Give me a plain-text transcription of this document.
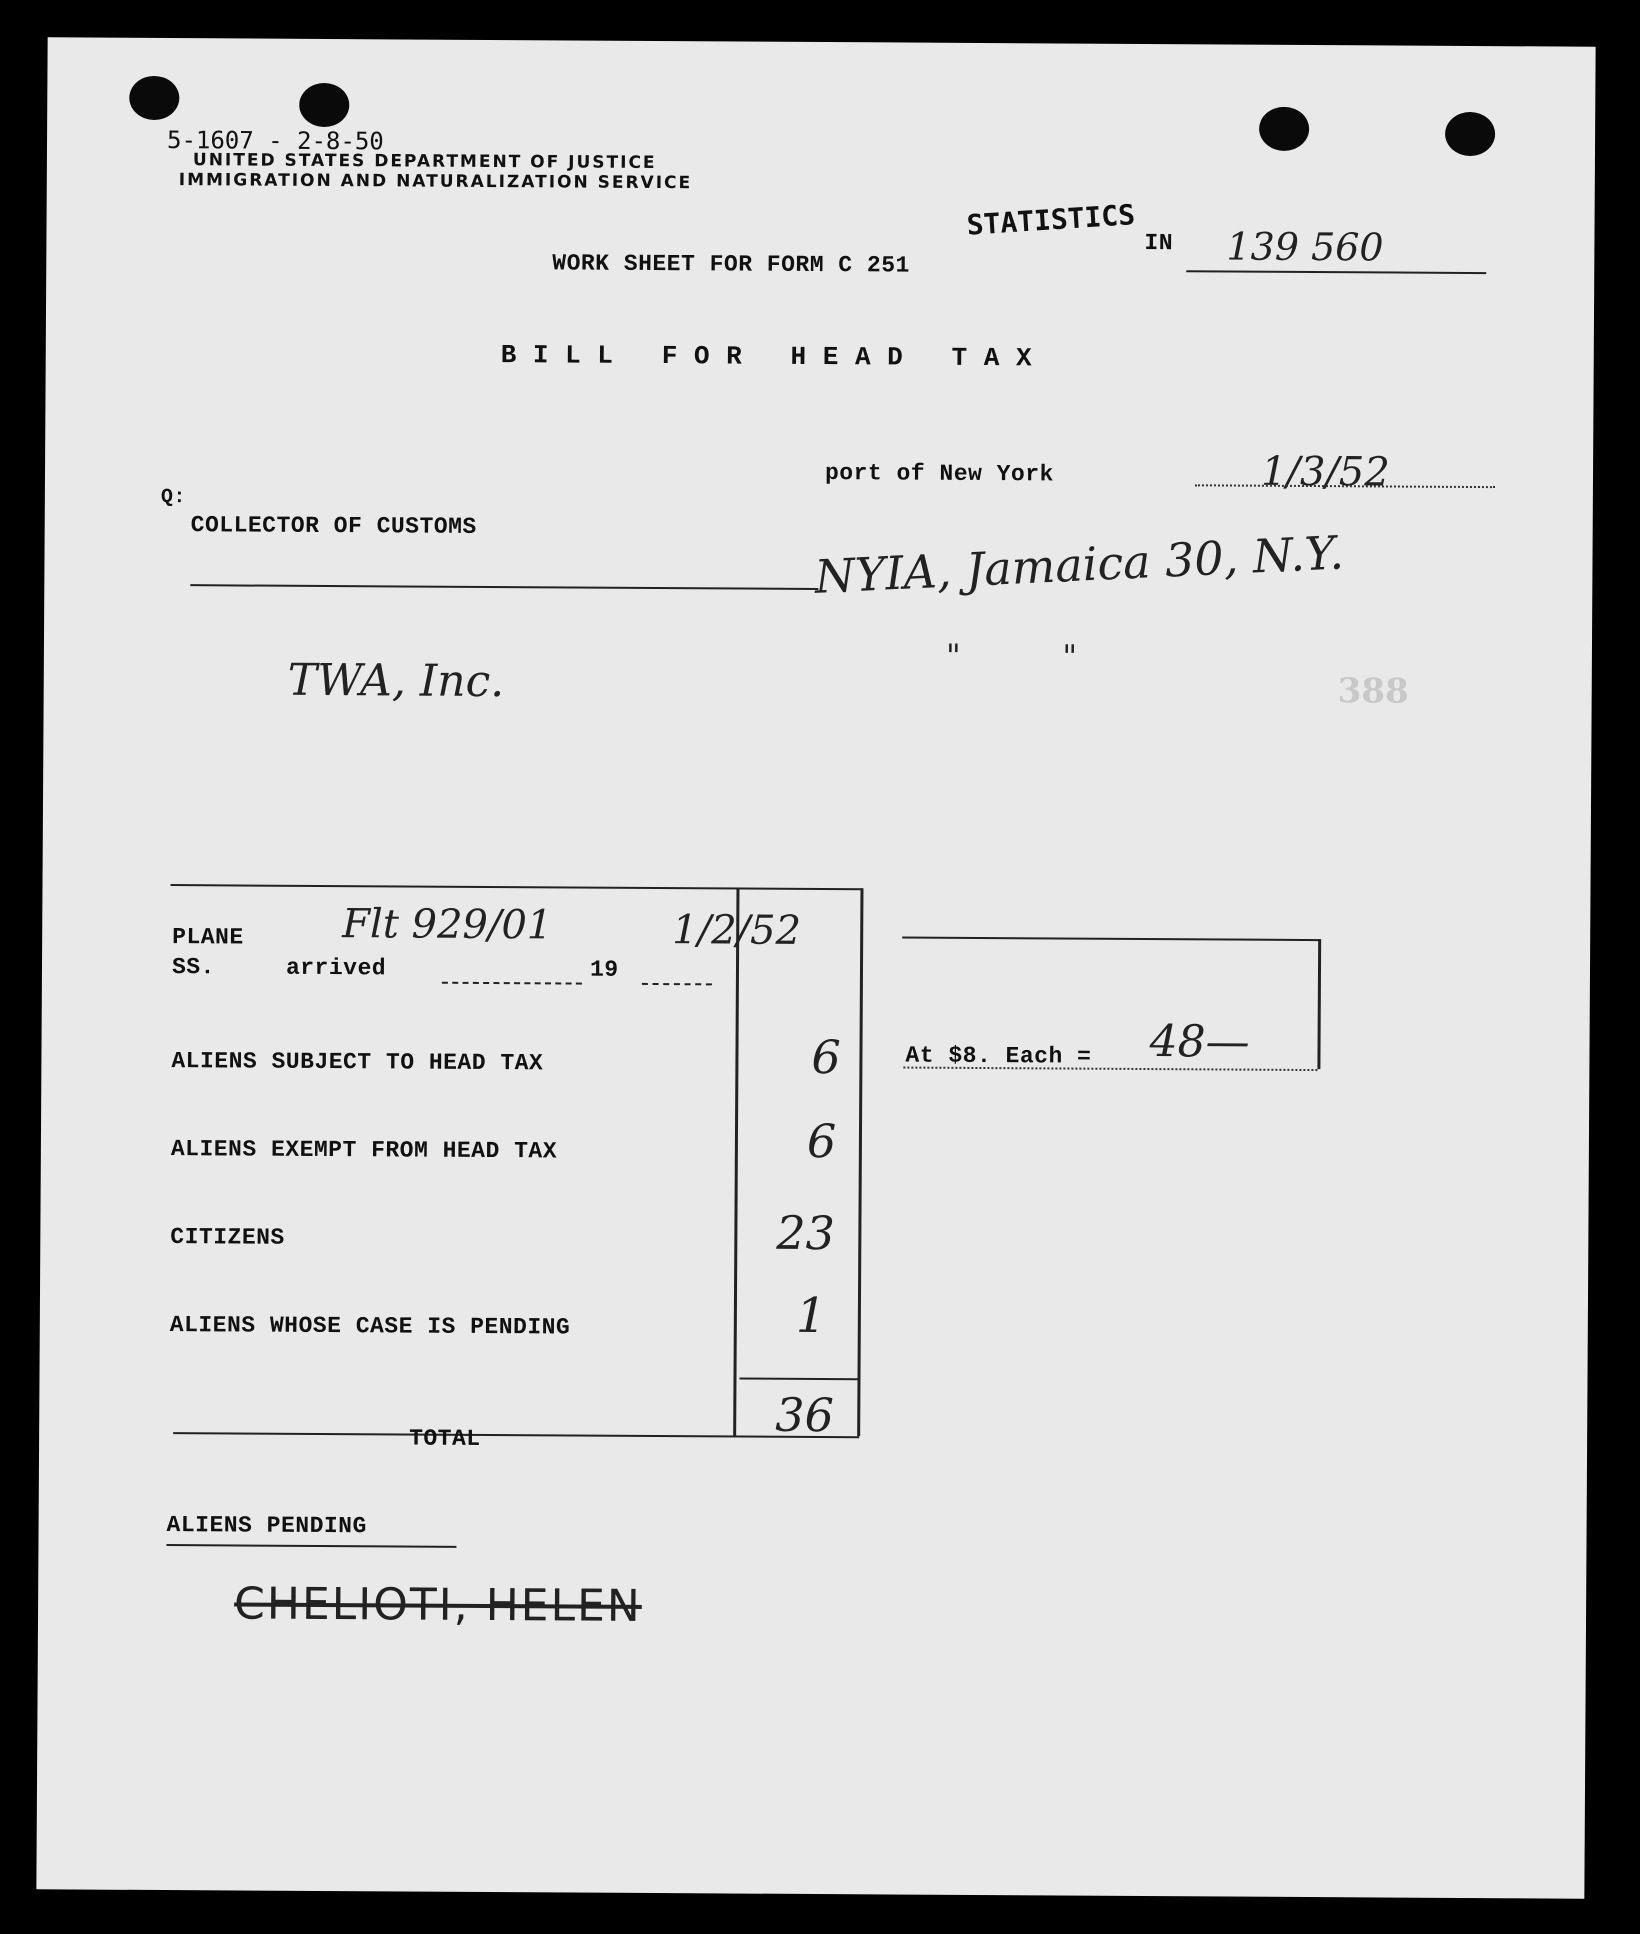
5-1607 - 2-8-50
UNITED STATES DEPARTMENT OF JUSTICE
IMMIGRATION AND NATURALIZATION SERVICE
STATISTICS
IN 139 560
WORK SHEET FOR FORM C 251
B I L L   F O R   H E A D   T A X
port of New York	1/3/52
Q:
COLLECTOR OF CUSTOMS	NYIA, Jamaica 30, N.Y.
TWA, Inc.	"          "
388
PLANE
SS.	arrived	19
Flt 929/01	1/2/52
ALIENS SUBJECT TO HEAD TAX	6
ALIENS EXEMPT FROM HEAD TAX	6
CITIZENS	23
ALIENS WHOSE CASE IS PENDING	1
TOTAL	36
At $8. Each = 48—
ALIENS PENDING
CHELIOTI, HELEN
